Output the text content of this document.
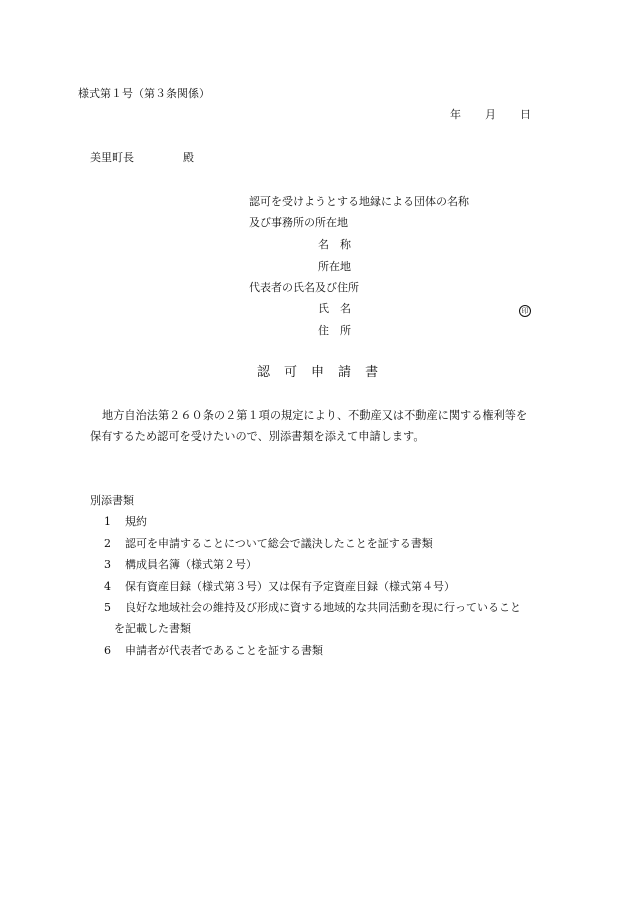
様式第１号（第３条関係）
年 月 日
美里町長	殿
認可を受けようとする地縁による団体の名称
及び事務所の所在地
名　称
所在地
代表者の氏名及び住所
氏　名	印
住　所
認 可 申 請 書
地方自治法第２６０条の２第１項の規定により、不動産又は不動産に関する権利等を
保有するため認可を受けたいので、別添書類を添えて申請します。
別添書類
1 規約
2 認可を申請することについて総会で議決したことを証する書類
3 構成員名簿（様式第２号）
4 保有資産目録（様式第３号）又は保有予定資産目録（様式第４号）
5 良好な地域社会の維持及び形成に資する地域的な共同活動を現に行っていること
を記載した書類
6 申請者が代表者であることを証する書類
